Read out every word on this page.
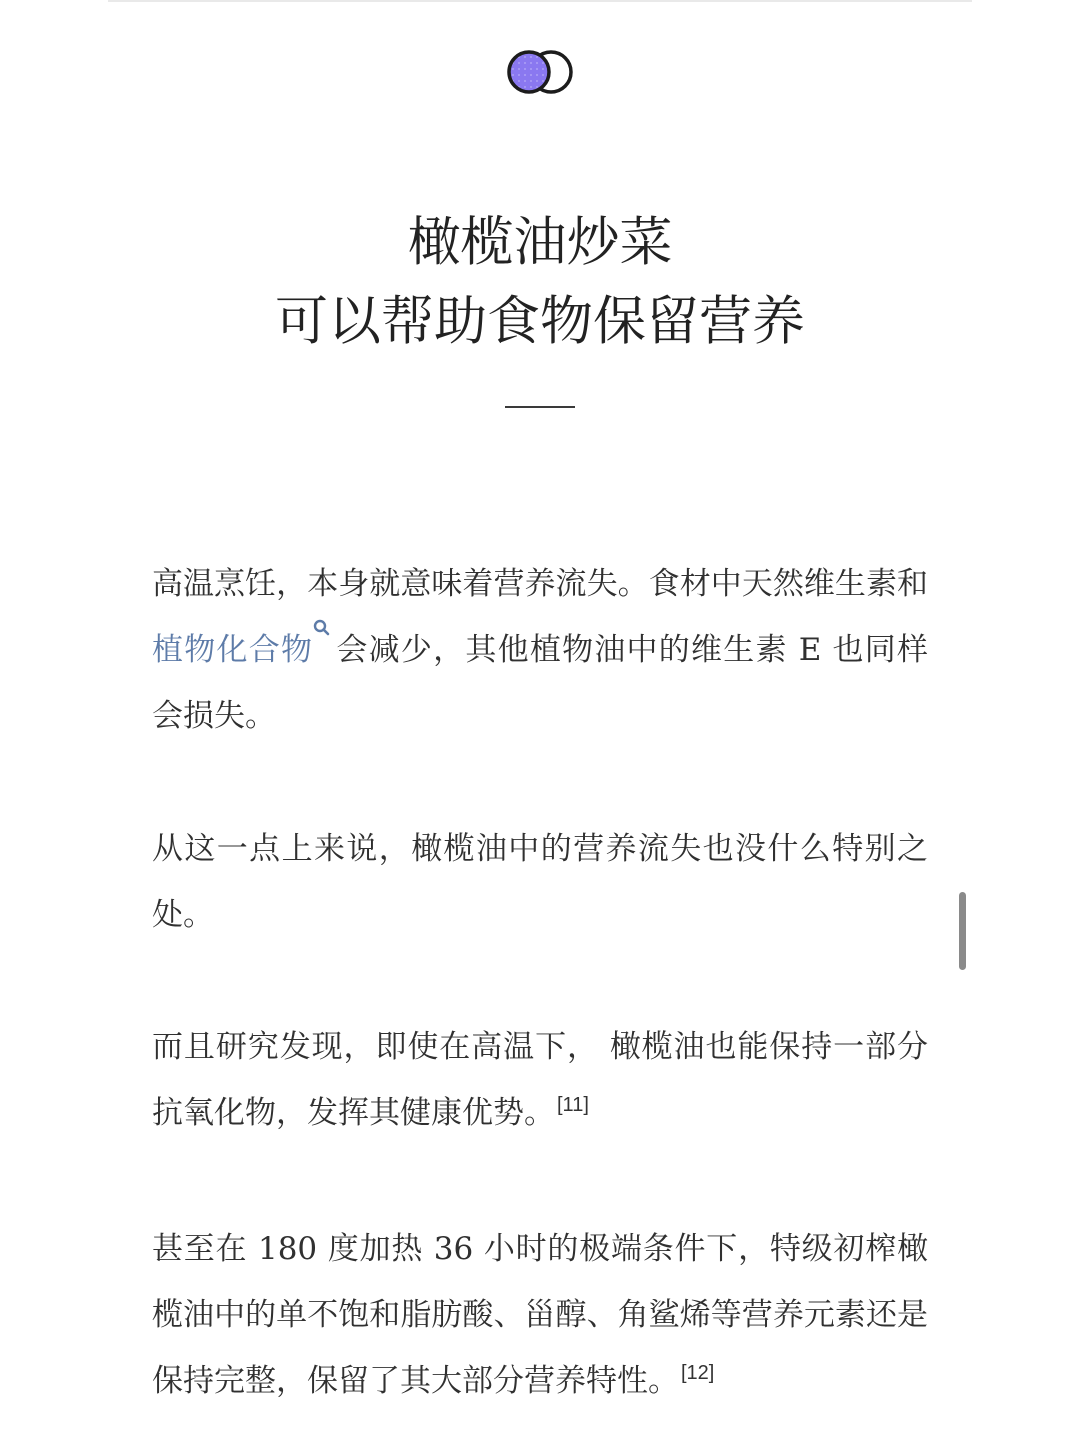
橄榄油炒菜
可以帮助食物保留营养

高温烹饪，本身就意味着营养流失。食材中天然维生素和植物化合物 会减少，其他植物油中的维生素 E 也同样会损失。

从这一点上来说，橄榄油中的营养流失也没什么特别之处。

而且研究发现，即使在高温下， 橄榄油也能保持一部分抗氧化物，发挥其健康优势。 [11]

甚至在 180 度加热 36 小时的极端条件下，特级初榨橄榄油中的单不饱和脂肪酸、甾醇、角鲨烯等营养元素还是保持完整，保留了其大部分营养特性。 [12]
